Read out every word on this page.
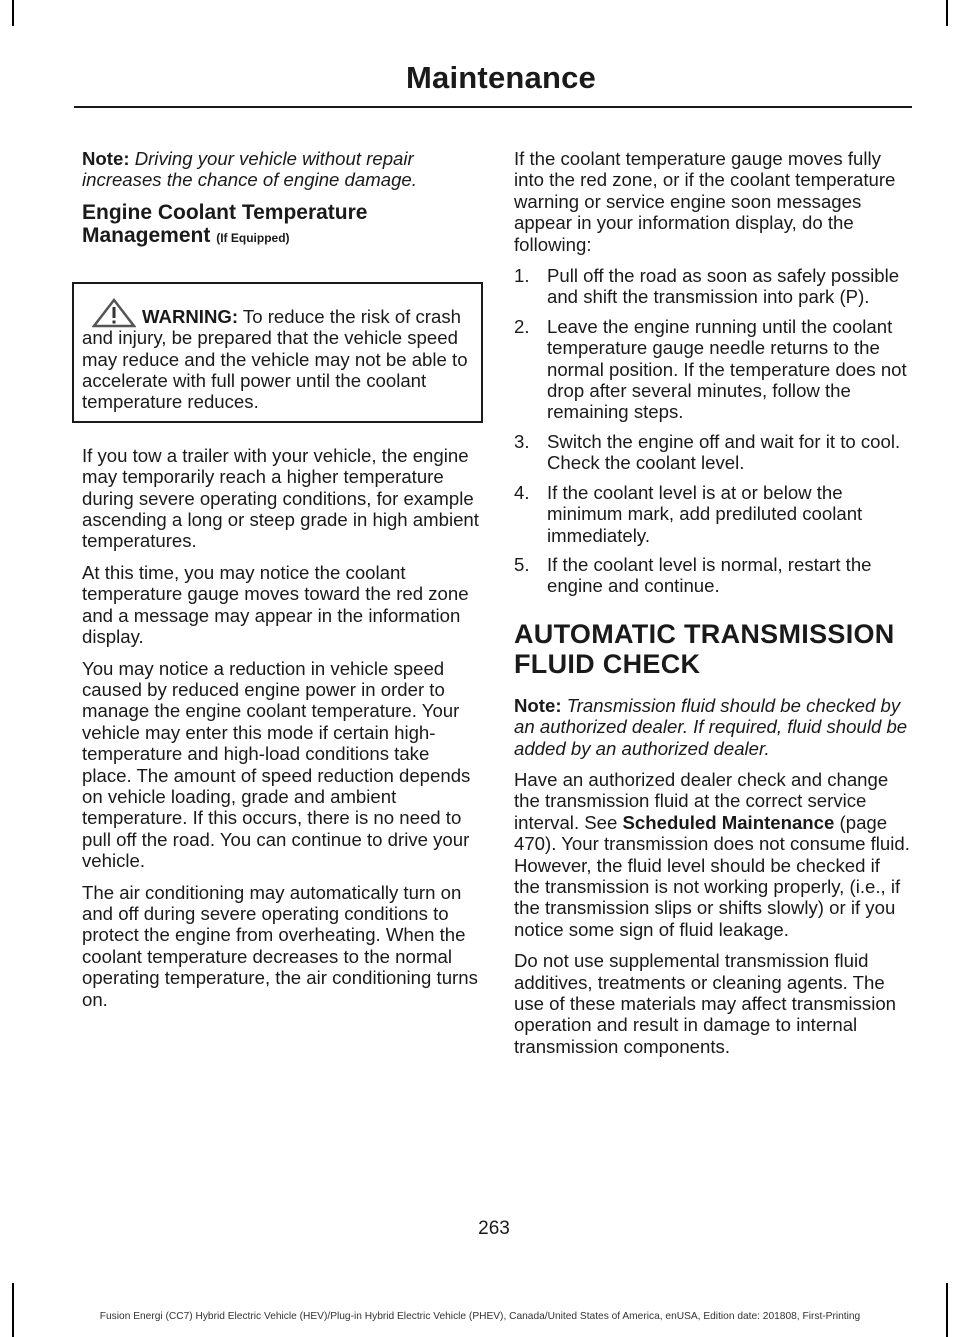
Maintenance

Note: Driving your vehicle without repair increases the chance of engine damage.

Engine Coolant Temperature Management (If Equipped)
WARNING: To reduce the risk of crash and injury, be prepared that the vehicle speed may reduce and the vehicle may not be able to accelerate with full power until the coolant temperature reduces.

If you tow a trailer with your vehicle, the engine may temporarily reach a higher temperature during severe operating conditions, for example ascending a long or steep grade in high ambient temperatures.

At this time, you may notice the coolant temperature gauge moves toward the red zone and a message may appear in the information display.

You may notice a reduction in vehicle speed caused by reduced engine power in order to manage the engine coolant temperature. Your vehicle may enter this mode if certain high-temperature and high-load conditions take place. The amount of speed reduction depends on vehicle loading, grade and ambient temperature. If this occurs, there is no need to pull off the road. You can continue to drive your vehicle.

The air conditioning may automatically turn on and off during severe operating conditions to protect the engine from overheating. When the coolant temperature decreases to the normal operating temperature, the air conditioning turns on.

If the coolant temperature gauge moves fully into the red zone, or if the coolant temperature warning or service engine soon messages appear in your information display, do the following:

1. Pull off the road as soon as safely possible and shift the transmission into park (P).
2. Leave the engine running until the coolant temperature gauge needle returns to the normal position. If the temperature does not drop after several minutes, follow the remaining steps.
3. Switch the engine off and wait for it to cool. Check the coolant level.
4. If the coolant level is at or below the minimum mark, add prediluted coolant immediately.
5. If the coolant level is normal, restart the engine and continue.
AUTOMATIC TRANSMISSION FLUID CHECK

Note: Transmission fluid should be checked by an authorized dealer. If required, fluid should be added by an authorized dealer.

Have an authorized dealer check and change the transmission fluid at the correct service interval. See Scheduled Maintenance (page 470). Your transmission does not consume fluid. However, the fluid level should be checked if the transmission is not working properly, (i.e., if the transmission slips or shifts slowly) or if you notice some sign of fluid leakage.

Do not use supplemental transmission fluid additives, treatments or cleaning agents. The use of these materials may affect transmission operation and result in damage to internal transmission components.

263
Fusion Energi (CC7) Hybrid Electric Vehicle (HEV)/Plug-in Hybrid Electric Vehicle (PHEV), Canada/United States of America, enUSA, Edition date: 201808, First-Printing
